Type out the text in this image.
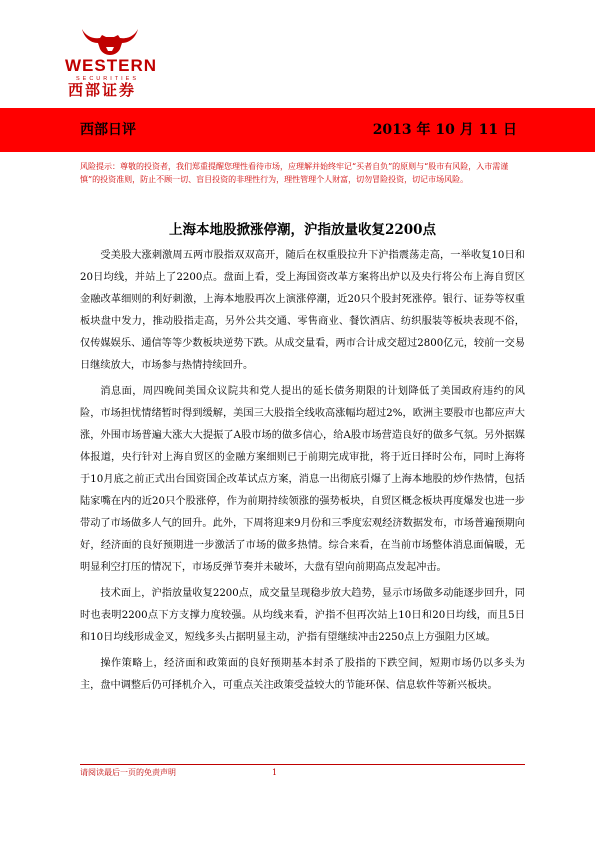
WESTERN
SECURITIES
西部证券
西部日评	2013 年 10 月 11 日
风险提示：尊敬的投资者，我们郑重提醒您理性看待市场，应理解并始终牢记“买者自负”的原则与“股市有风险，入市需谨慎”的投资准则，防止不顾一切、盲目投资的非理性行为，理性管理个人财富，切勿冒险投资，切记市场风险。
上海本地股掀涨停潮，沪指放量收复2200点

受美股大涨刺激周五两市股指双双高开，随后在权重股拉升下沪指震荡走高，一举收复10日和20日均线，并站上了2200点。盘面上看，受上海国资改革方案将出炉以及央行将公布上海自贸区金融改革细则的利好刺激，上海本地股再次上演涨停潮，近20只个股封死涨停。银行、证券等权重板块盘中发力，推动股指走高，另外公共交通、零售商业、餐饮酒店、纺织服装等板块表现不俗，仅传媒娱乐、通信等等少数板块逆势下跌。从成交量看，两市合计成交超过2800亿元，较前一交易日继续放大，市场参与热情持续回升。

消息面，周四晚间美国众议院共和党人提出的延长债务期限的计划降低了美国政府违约的风险，市场担忧情绪暂时得到缓解，美国三大股指全线收高涨幅均超过2%，欧洲主要股市也都应声大涨，外围市场普遍大涨大大提振了A股市场的做多信心，给A股市场营造良好的做多气氛。另外据媒体报道，央行针对上海自贸区的金融方案细则已于前期完成审批，将于近日择时公布，同时上海将于10月底之前正式出台国资国企改革试点方案，消息一出彻底引爆了上海本地股的炒作热情，包括陆家嘴在内的近20只个股涨停，作为前期持续领涨的强势板块，自贸区概念板块再度爆发也进一步带动了市场做多人气的回升。此外，下周将迎来9月份和三季度宏观经济数据发布，市场普遍预期向好，经济面的良好预期进一步激活了市场的做多热情。综合来看，在当前市场整体消息面偏暖，无明显利空打压的情况下，市场反弹节奏并未破坏，大盘有望向前期高点发起冲击。

技术面上，沪指放量收复2200点，成交量呈现稳步放大趋势，显示市场做多动能逐步回升，同时也表明2200点下方支撑力度较强。从均线来看，沪指不但再次站上10日和20日均线，而且5日和10日均线形成金叉，短线多头占据明显主动，沪指有望继续冲击2250点上方强阻力区域。

操作策略上，经济面和政策面的良好预期基本封杀了股指的下跌空间，短期市场仍以多头为主，盘中调整后仍可择机介入，可重点关注政策受益较大的节能环保、信息软件等新兴板块。

请阅读最后一页的免责声明	1
